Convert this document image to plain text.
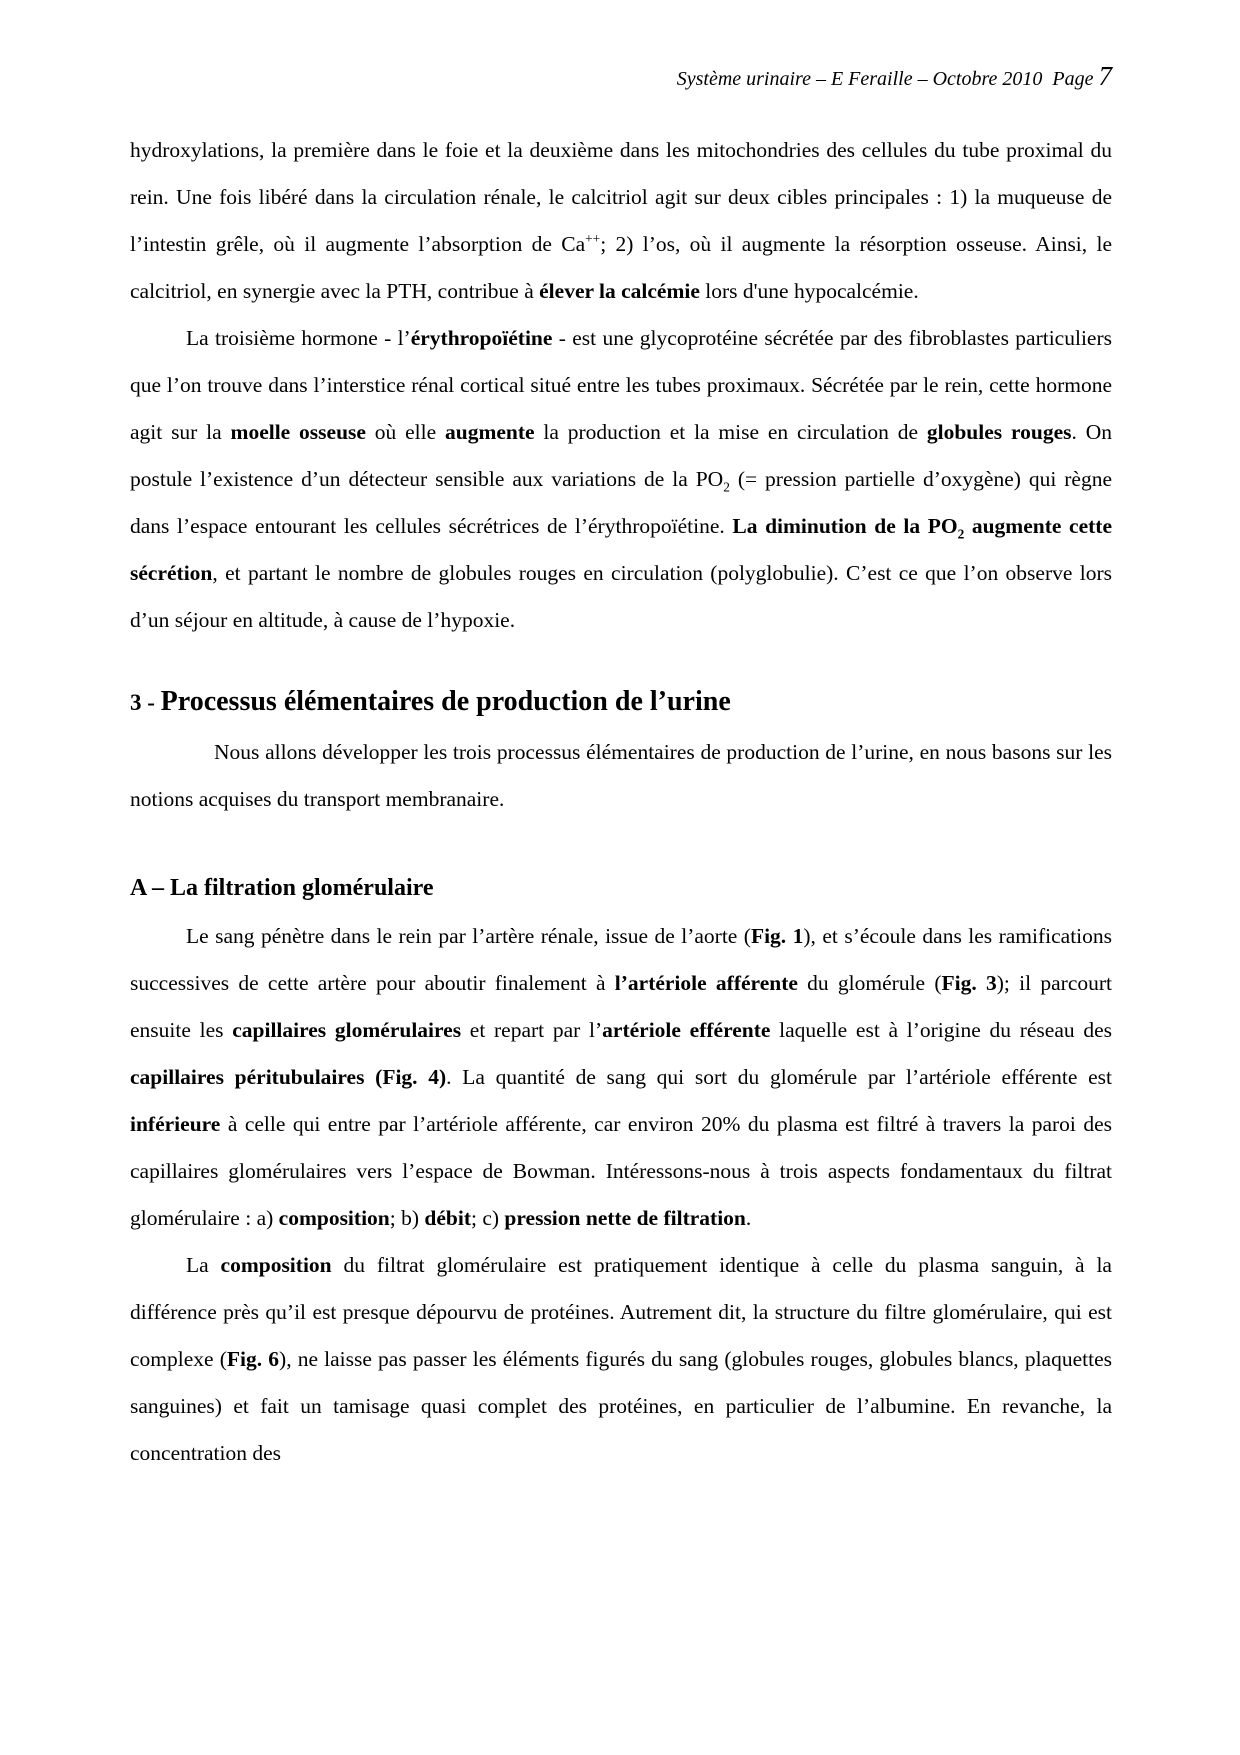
Système urinaire – E Feraille – Octobre 2010  Page 7

hydroxylations, la première dans le foie et la deuxième dans les mitochondries des cellules du tube proximal du rein. Une fois libéré dans la circulation rénale, le calcitriol agit sur deux cibles principales : 1) la muqueuse de l’intestin grêle, où il augmente l’absorption de Ca++; 2) l’os, où il augmente la résorption osseuse. Ainsi, le calcitriol, en synergie avec la PTH, contribue à élever la calcémie lors d'une hypocalcémie.

La troisième hormone - l’érythropoïétine - est une glycoprotéine sécrétée par des fibroblastes particuliers que l’on trouve dans l’interstice rénal cortical situé entre les tubes proximaux. Sécrétée par le rein, cette hormone agit sur la moelle osseuse où elle augmente la production et la mise en circulation de globules rouges. On postule l’existence d’un détecteur sensible aux variations de la $PO_2$ (= pression partielle d’oxygène) qui règne dans l’espace entourant les cellules sécrétrices de l’érythropoïétine. La diminution de la $PO_2$ augmente cette sécrétion, et partant le nombre de globules rouges en circulation (polyglobulie). C’est ce que l’on observe lors d’un séjour en altitude, à cause de l’hypoxie.

3 - Processus élémentaires de production de l’urine

Nous allons développer les trois processus élémentaires de production de l’urine, en nous basons sur les notions acquises du transport membranaire.

A – La filtration glomérulaire

Le sang pénètre dans le rein par l’artère rénale, issue de l’aorte (Fig. 1), et s’écoule dans les ramifications successives de cette artère pour aboutir finalement à l’artériole afférente du glomérule (Fig. 3); il parcourt ensuite les capillaires glomérulaires et repart par l’artériole efférente laquelle est à l’origine du réseau des capillaires péritubulaires (Fig. 4). La quantité de sang qui sort du glomérule par l’artériole efférente est inférieure à celle qui entre par l’artériole afférente, car environ 20% du plasma est filtré à travers la paroi des capillaires glomérulaires vers l’espace de Bowman. Intéressons-nous à trois aspects fondamentaux du filtrat glomérulaire : a) composition; b) débit; c) pression nette de filtration.

La composition du filtrat glomérulaire est pratiquement identique à celle du plasma sanguin, à la différence près qu’il est presque dépourvu de protéines. Autrement dit, la structure du filtre glomérulaire, qui est complexe (Fig. 6), ne laisse pas passer les éléments figurés du sang (globules rouges, globules blancs, plaquettes sanguines) et fait un tamisage quasi complet des protéines, en particulier de l’albumine. En revanche, la concentration des
